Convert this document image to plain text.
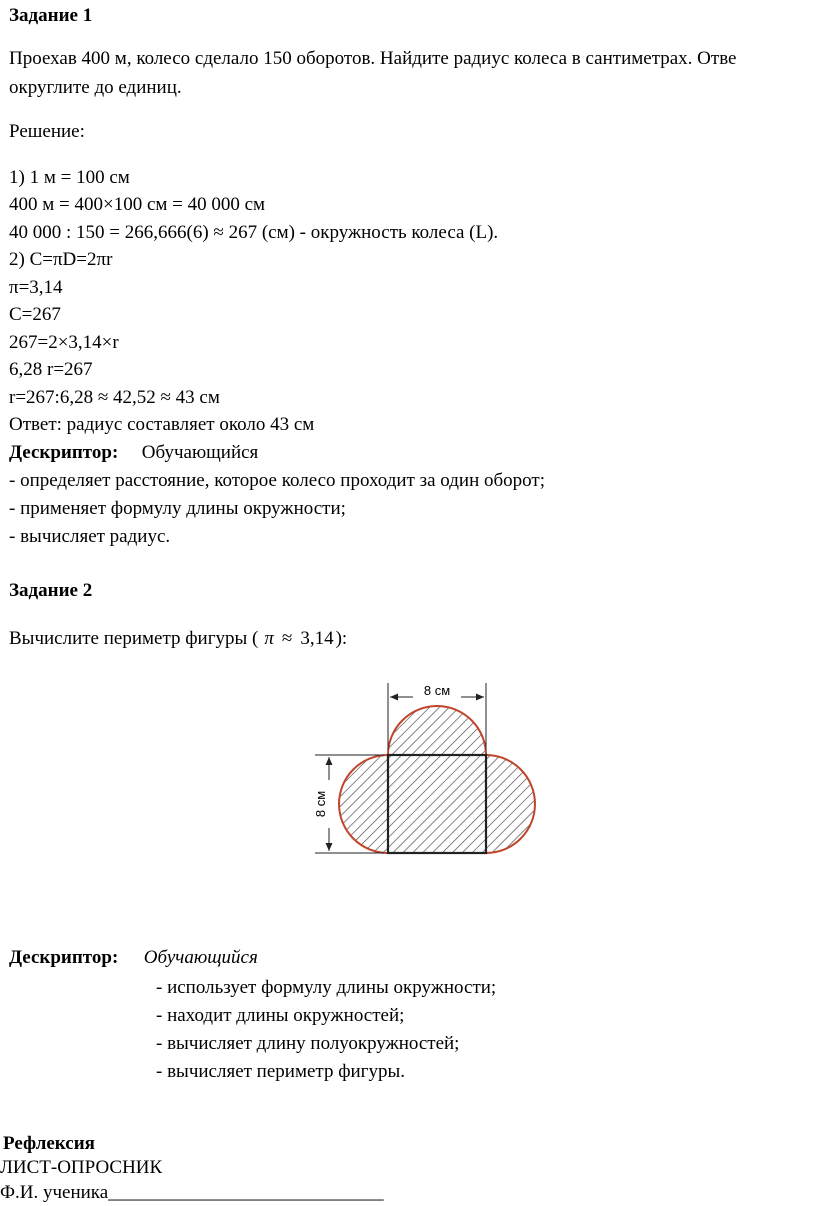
Задание 1
Проехав 400 м, колесо сделало 150 оборотов. Найдите радиус колеса в сантиметрах. Отве
округлите до единиц.
Решение:
1) 1 м = 100 см
400 м = 400×100 см = 40 000 см
40 000 : 150 = 266,666(6) ≈ 267 (см) - окружность колеса (L).
2) C=πD=2πr
π=3,14
C=267
267=2×3,14×r
6,28 r=267
r=267:6,28 ≈ 42,52 ≈ 43 см
Ответ: радиус составляет около 43 см
Дескриптор: Обучающийся
- определяет расстояние, которое колесо проходит за один оборот;
- применяет формулу длины окружности;
- вычисляет радиус.
Задание 2
Вычислите периметр фигуры ( π ≈ 3,14 ):
8 см
8 см
Дескриптор: Обучающийся
- использует формулу длины окружности;
- находит длины окружностей;
- вычисляет длину полуокружностей;
- вычисляет периметр фигуры.
Рефлексия
ЛИСТ-ОПРОСНИК
Ф.И. ученика_____________________________
